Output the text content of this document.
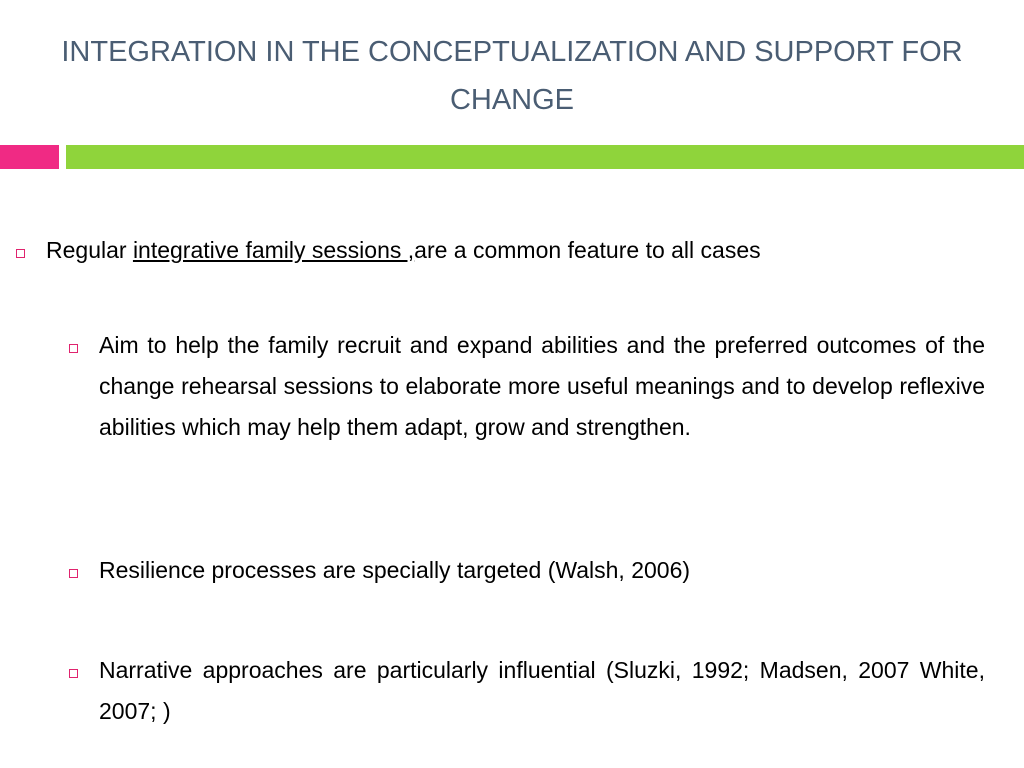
INTEGRATION IN THE CONCEPTUALIZATION AND SUPPORT FOR CHANGE
Regular integrative family sessions ,are a common feature to all cases
Aim to help the family recruit and expand abilities and the preferred outcomes of the change rehearsal sessions to elaborate more useful meanings and to develop reflexive abilities which may help them adapt, grow and strengthen.
Resilience processes are specially targeted (Walsh, 2006)
Narrative approaches are particularly influential (Sluzki, 1992; Madsen, 2007 White, 2007; )
